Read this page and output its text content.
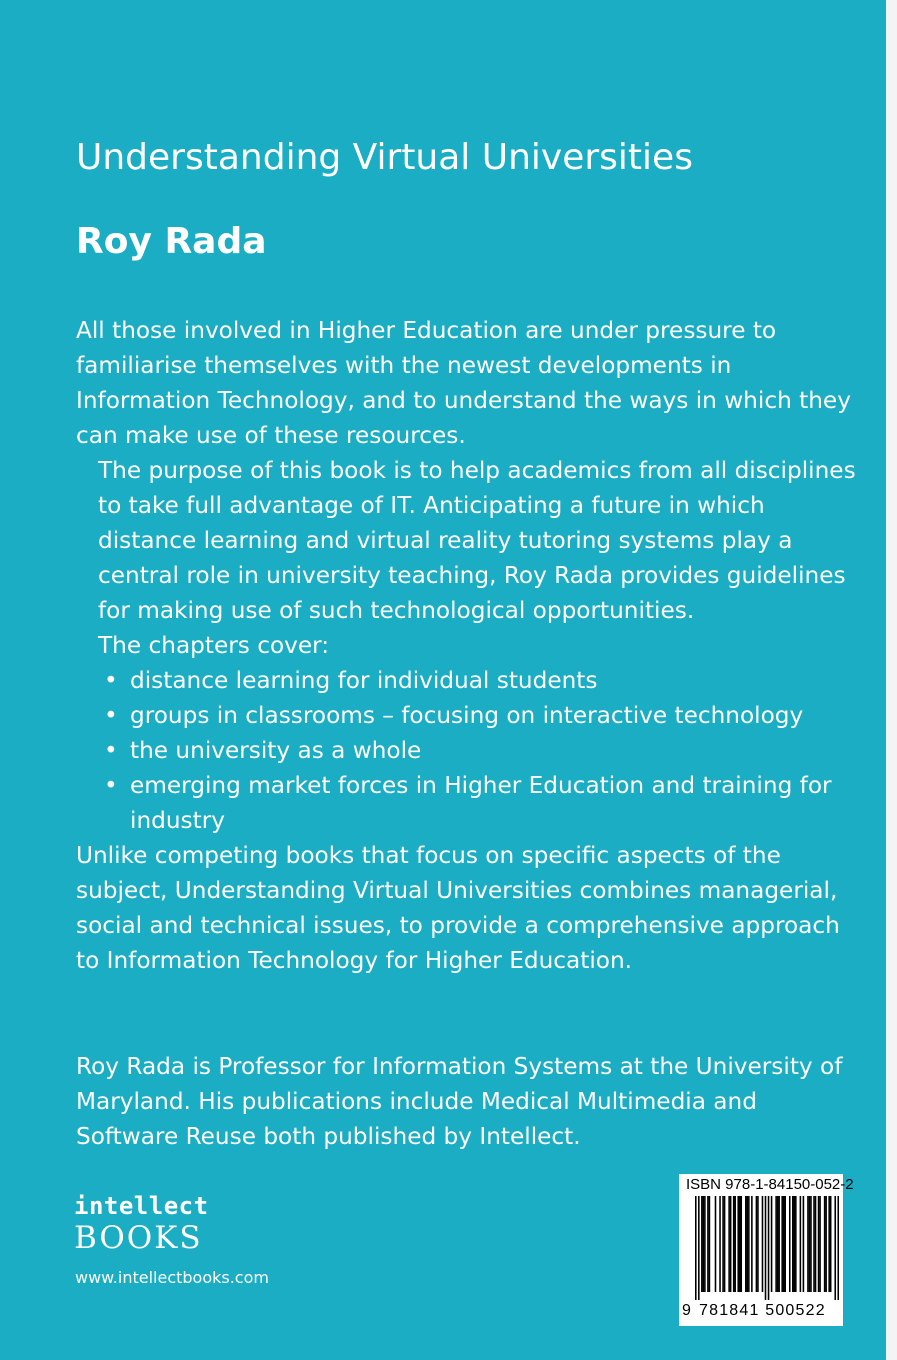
Understanding Virtual Universities
Roy Rada

All those involved in Higher Education are under pressure to familiarise themselves with the newest developments in Information Technology, and to understand the ways in which they can make use of these resources.

The purpose of this book is to help academics from all disciplines to take full advantage of IT. Anticipating a future in which distance learning and virtual reality tutoring systems play a central role in university teaching, Roy Rada provides guidelines for making use of such technological opportunities.

The chapters cover:

• distance learning for individual students
• groups in classrooms – focusing on interactive technology
• the university as a whole
• emerging market forces in Higher Education and training for industry

Unlike competing books that focus on specific aspects of the subject, Understanding Virtual Universities combines managerial, social and technical issues, to provide a comprehensive approach to Information Technology for Higher Education.

Roy Rada is Professor for Information Systems at the University of Maryland. His publications include Medical Multimedia and Software Reuse both published by Intellect.

intellect
BOOKS
www.intellectbooks.com
ISBN 978-1-84150-052-2
9 781841 500522
